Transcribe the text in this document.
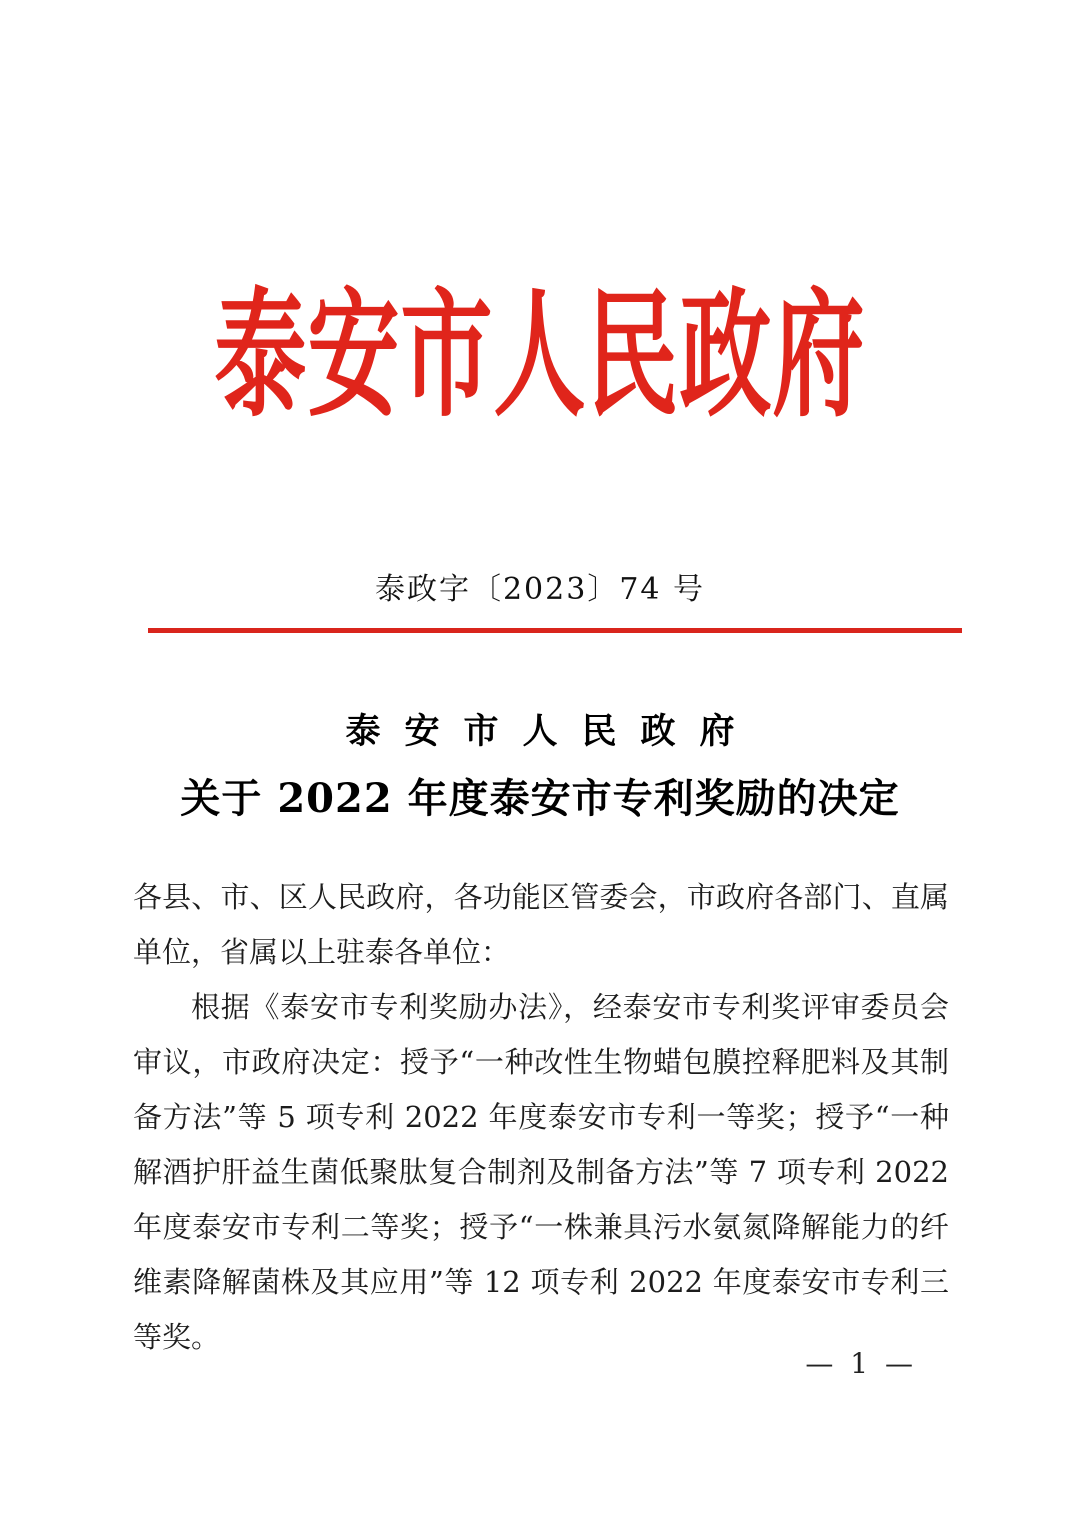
泰安市人民政府
泰政字〔2023〕74 号
泰安市人民政府
关于 2022 年度泰安市专利奖励的决定

各县、市、区人民政府，各功能区管委会，市政府各部门、直属单位，省属以上驻泰各单位：

根据《泰安市专利奖励办法》，经泰安市专利奖评审委员会审议，市政府决定：授予“一种改性生物蜡包膜控释肥料及其制备方法”等 5 项专利 2022 年度泰安市专利一等奖；授予“一种解酒护肝益生菌低聚肽复合制剂及制备方法”等 7 项专利 2022 年度泰安市专利二等奖；授予“一株兼具污水氨氮降解能力的纤维素降解菌株及其应用”等 12 项专利 2022 年度泰安市专利三等奖。

— 1 —
